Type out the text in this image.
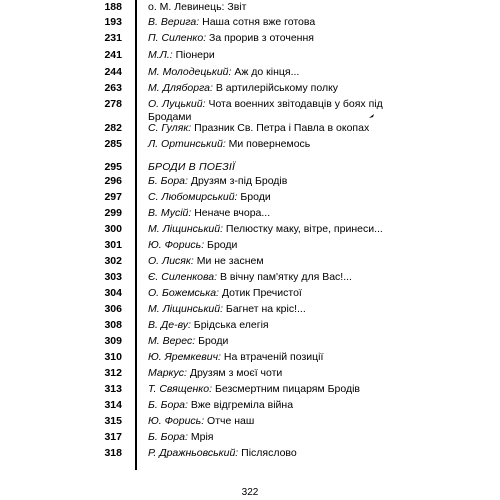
188 о. М. Левинець: Звіт
193 В. Верига: Наша сотня вже готова
231 П. Силенко: За прорив з оточення
241 М.Л.: Піонери
244 М. Молодецький: Аж до кінця...
263 М. Дляборга: В артилерійському полку
278 О. Луцький: Чота военних звітодавців у боях під
Бродами
282 С. Гуляк: Празник Св. Петра і Павла в окопах
285 Л. Ортинський: Ми повернемось
295 БРОДИ В ПОЕЗІЇ
296 Б. Бора: Друзям з-під Бродів
297 С. Любомирський: Броди
299 В. Мусій: Неначе вчора...
300 М. Ліщинський: Пелюстку маку, вітре, принеси...
301 Ю. Форись: Броди
302 О. Лисяк: Ми не заснем
303 Є. Силенкова: В вічну пам'ятку для Вас!...
304 О. Божемська: Дотик Пречистої
306 М. Ліщинський: Багнет на кріс!...
308 В. Де-ву: Брідська елегія
309 М. Верес: Броди
310 Ю. Яремкевич: На втраченій позиції
312 Маркус: Друзям з моєї чоти
313 Т. Священко: Безсмертним пицарям Бродів
314 Б. Бора: Вже відгреміла війна
315 Ю. Форись: Отче наш
317 Б. Бора: Мрія
318 Р. Дражньовський: Післяслово
322
